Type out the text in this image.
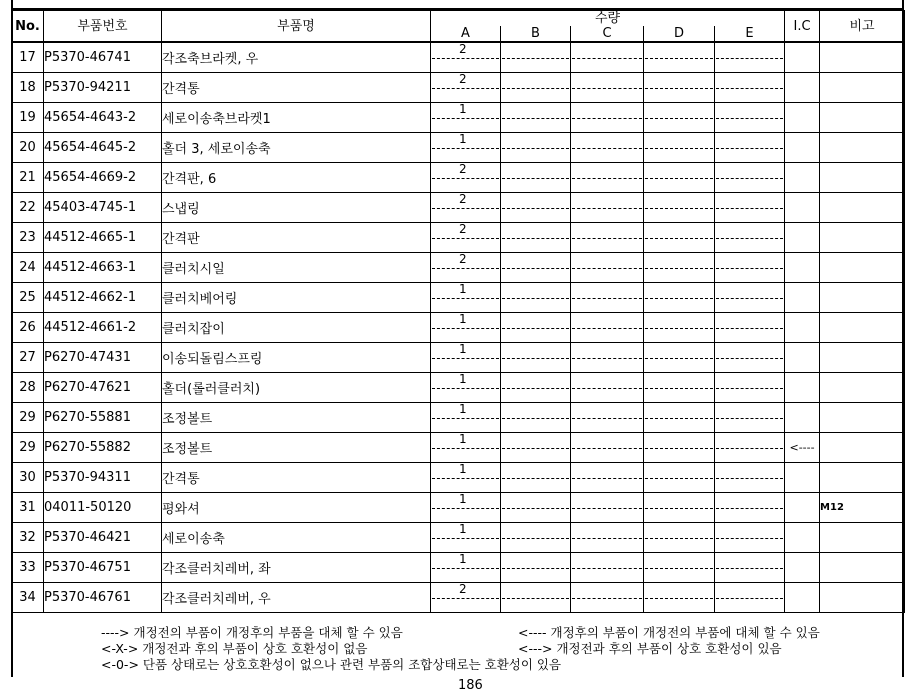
No.	부품번호	부품명	수량					I.C	비고
			A	B	C	D	E		
17	P5370-46741	각조축브라켓, 우	2						

18	P5370-94211	간격통	2						

19	45654-4643-2	세로이송축브라켓1	1						

20	45654-4645-2	홀더 3, 세로이송축	1						

21	45654-4669-2	간격판, 6	2						

22	45403-4745-1	스냅링	2						

23	44512-4665-1	간격판	2						

24	44512-4663-1	클러치시일	2						

25	44512-4662-1	클러치베어링	1						

26	44512-4661-2	클러치잡이	1						

27	P6270-47431	이송되돌림스프링	1						

28	P6270-47621	홀더(롤러클러치)	1						

29	P6270-55881	조정볼트	1						

29	P6270-55882	조정볼트	1					<----	
30	P5370-94311	간격통	1						

31	04011-50120	평와셔	1						M12
32	P5370-46421	세로이송축	1						

33	P5370-46751	각조클러치레버, 좌	1						

34	P5370-46761	각조클러치레버, 우	2						

----> 개정전의 부품이 개정후의 부품을 대체 할 수 있음	<---- 개정후의 부품이 개정전의 부품에 대체 할 수 있음
<-X-> 개정전과 후의 부품이 상호 호환성이 없음	<---> 개정전과 후의 부품이 상호 호환성이 있음
<-0-> 단품 상태로는 상호호환성이 없으나 관련 부품의 조합상태로는 호환성이 있음
186
